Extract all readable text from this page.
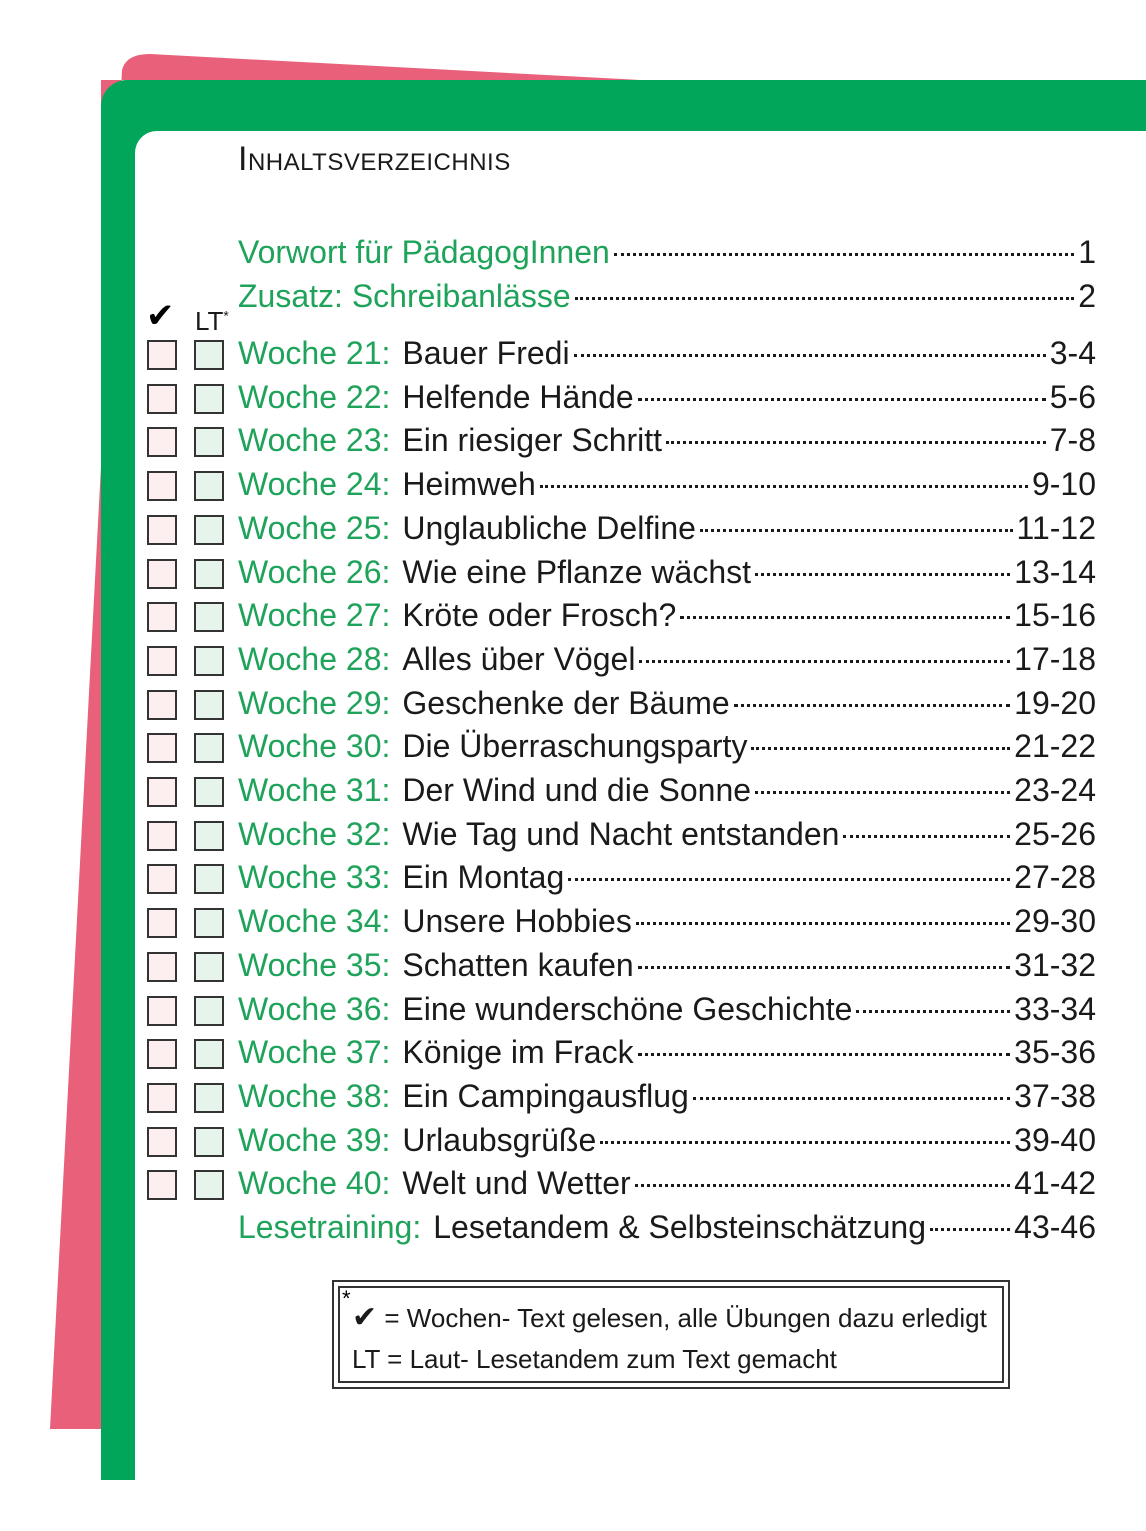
Inhaltsverzeichnis
Vorwort für PädagogInnen	1
Zusatz: Schreibanlässe	2
✔ LT*
Woche 21: Bauer Fredi	3-4
Woche 22: Helfende Hände	5-6
Woche 23: Ein riesiger Schritt	7-8
Woche 24: Heimweh	9-10
Woche 25: Unglaubliche Delfine	11-12
Woche 26: Wie eine Pflanze wächst	13-14
Woche 27: Kröte oder Frosch?	15-16
Woche 28: Alles über Vögel	17-18
Woche 29: Geschenke der Bäume	19-20
Woche 30: Die Überraschungsparty	21-22
Woche 31: Der Wind und die Sonne	23-24
Woche 32: Wie Tag und Nacht entstanden	25-26
Woche 33: Ein Montag	27-28
Woche 34: Unsere Hobbies	29-30
Woche 35: Schatten kaufen	31-32
Woche 36: Eine wunderschöne Geschichte	33-34
Woche 37: Könige im Frack	35-36
Woche 38: Ein Campingausflug	37-38
Woche 39: Urlaubsgrüße	39-40
Woche 40: Welt und Wetter	41-42
Lesetraining: Lesetandem & Selbsteinschätzung	43-46
*
✔ = Wochen- Text gelesen, alle Übungen dazu erledigt
LT = Laut- Lesetandem zum Text gemacht
